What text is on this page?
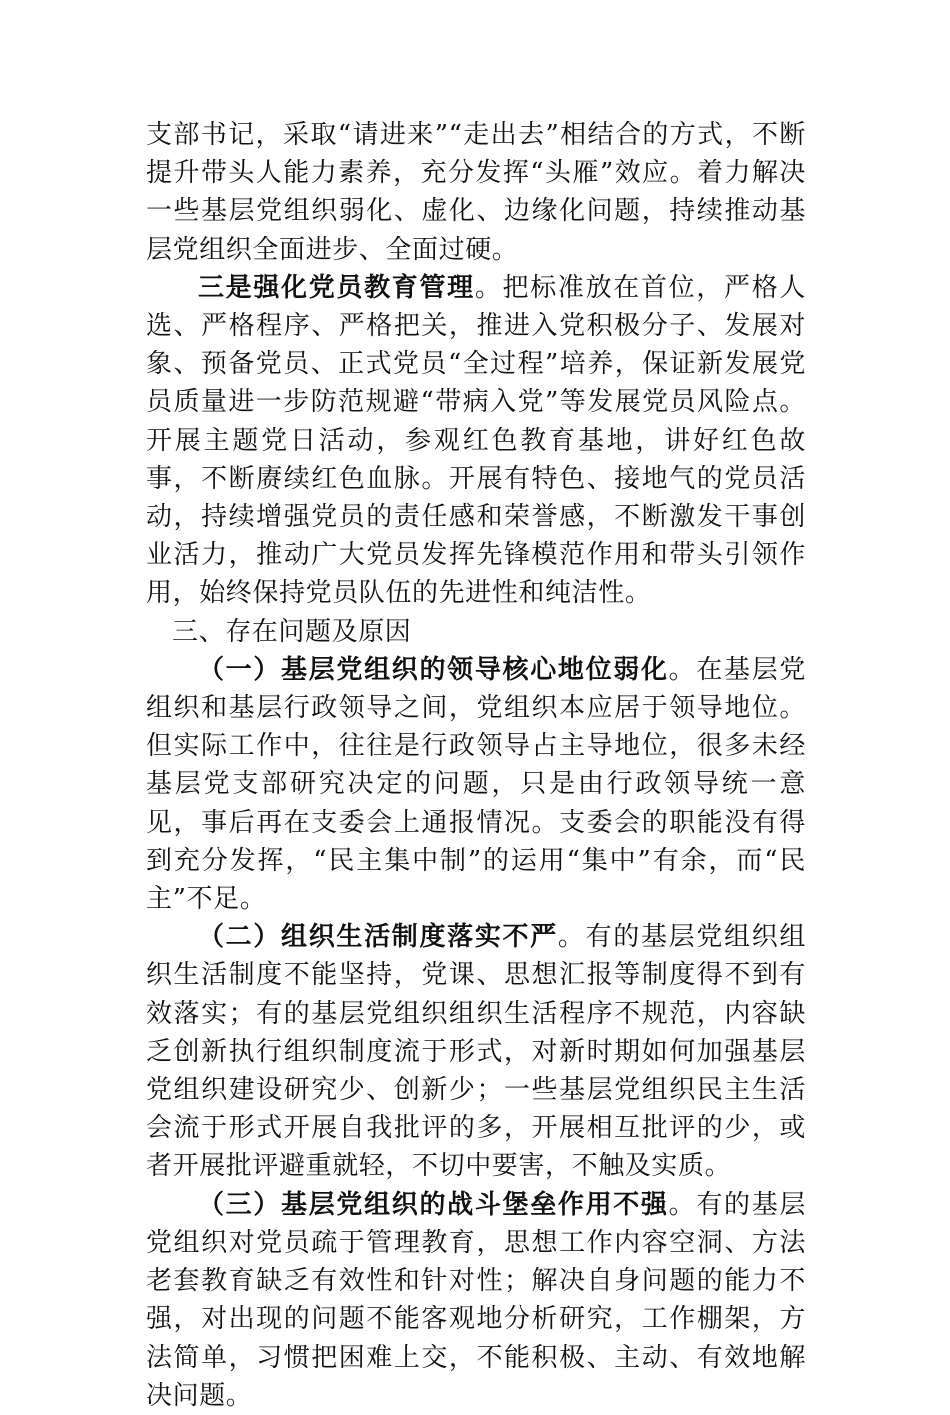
支部书记，采取“请进来”“走出去”相结合的方式，不断提升带头人能力素养，充分发挥“头雁”效应。着力解决一些基层党组织弱化、虚化、边缘化问题，持续推动基层党组织全面进步、全面过硬。

三是强化党员教育管理。把标准放在首位，严格人选、严格程序、严格把关，推进入党积极分子、发展对象、预备党员、正式党员“全过程”培养，保证新发展党员质量进一步防范规避“带病入党”等发展党员风险点。开展主题党日活动，参观红色教育基地，讲好红色故事，不断赓续红色血脉。开展有特色、接地气的党员活动，持续增强党员的责任感和荣誉感，不断激发干事创业活力，推动广大党员发挥先锋模范作用和带头引领作用，始终保持党员队伍的先进性和纯洁性。

三、存在问题及原因

（一）基层党组织的领导核心地位弱化。在基层党组织和基层行政领导之间，党组织本应居于领导地位。但实际工作中，往往是行政领导占主导地位，很多未经基层党支部研究决定的问题，只是由行政领导统一意见，事后再在支委会上通报情况。支委会的职能没有得到充分发挥，“民主集中制”的运用“集中”有余，而“民主”不足。

（二）组织生活制度落实不严。有的基层党组织组织生活制度不能坚持，党课、思想汇报等制度得不到有效落实；有的基层党组织组织生活程序不规范，内容缺乏创新执行组织制度流于形式，对新时期如何加强基层党组织建设研究少、创新少；一些基层党组织民主生活会流于形式开展自我批评的多，开展相互批评的少，或者开展批评避重就轻，不切中要害，不触及实质。

（三）基层党组织的战斗堡垒作用不强。有的基层党组织对党员疏于管理教育，思想工作内容空洞、方法老套教育缺乏有效性和针对性；解决自身问题的能力不强，对出现的问题不能客观地分析研究，工作棚架，方法简单，习惯把困难上交，不能积极、主动、有效地解决问题。
